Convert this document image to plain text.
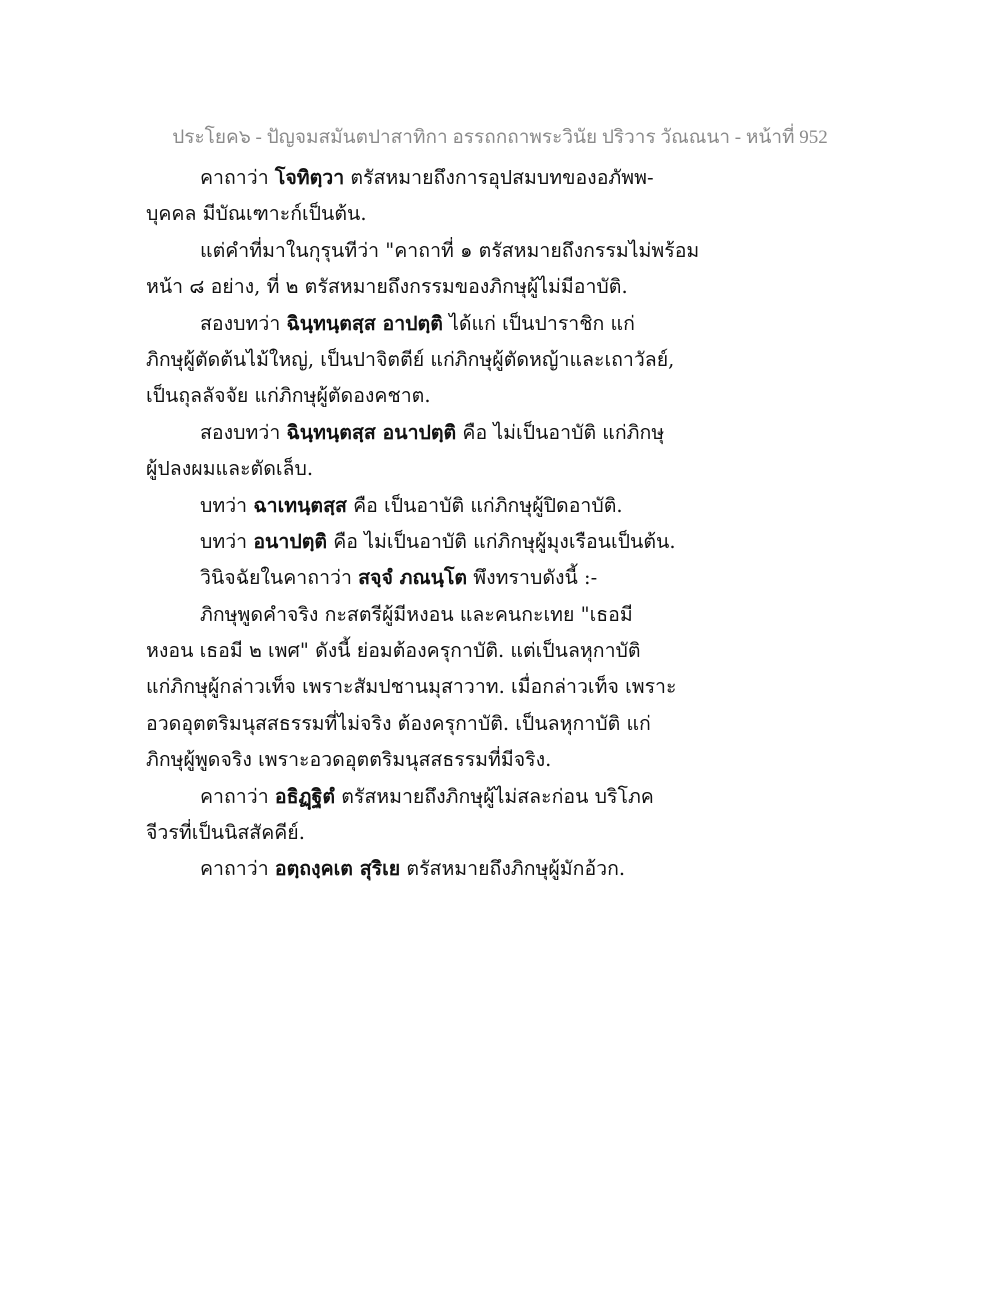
ประโยค๖ - ปัญจมสมันตปาสาทิกา อรรถกถาพระวินัย ปริวาร วัณณนา - หน้าที่ 952
คาถาว่า โจทิตฺวา ตรัสหมายถึงการอุปสมบทของอภัพพ-
บุคคล มีบัณเฑาะก์เป็นต้น.
แต่คำที่มาในกุรุนทีว่า "คาถาที่ ๑ ตรัสหมายถึงกรรมไม่พร้อม
หน้า ๘ อย่าง, ที่ ๒ ตรัสหมายถึงกรรมของภิกษุผู้ไม่มีอาบัติ.
สองบทว่า ฉินฺทนฺตสฺส อาปตฺติ ได้แก่ เป็นปาราชิก แก่
ภิกษุผู้ตัดต้นไม้ใหญ่, เป็นปาจิตตีย์ แก่ภิกษุผู้ตัดหญ้าและเถาวัลย์,
เป็นถุลลัจจัย แก่ภิกษุผู้ตัดองคชาต.
สองบทว่า ฉินฺทนฺตสฺส อนาปตฺติ คือ ไม่เป็นอาบัติ แก่ภิกษุ
ผู้ปลงผมและตัดเล็บ.
บทว่า ฉาเทนฺตสฺส คือ เป็นอาบัติ แก่ภิกษุผู้ปิดอาบัติ.
บทว่า อนาปตฺติ คือ ไม่เป็นอาบัติ แก่ภิกษุผู้มุงเรือนเป็นต้น.
วินิจฉัยในคาถาว่า สจฺจํ ภณนฺโต พึงทราบดังนี้ :-
ภิกษุพูดคำจริง กะสตรีผู้มีหงอน และคนกะเทย "เธอมี
หงอน เธอมี ๒ เพศ" ดังนี้ ย่อมต้องครุกาบัติ. แต่เป็นลหุกาบัติ
แก่ภิกษุผู้กล่าวเท็จ เพราะสัมปชานมุสาวาท. เมื่อกล่าวเท็จ เพราะ
อวดอุตตริมนุสสธรรมที่ไม่จริง ต้องครุกาบัติ. เป็นลหุกาบัติ แก่
ภิกษุผู้พูดจริง เพราะอวดอุตตริมนุสสธรรมที่มีจริง.
คาถาว่า อธิฏฺฐิตํ ตรัสหมายถึงภิกษุผู้ไม่สละก่อน บริโภค
จีวรที่เป็นนิสสัคคีย์.
คาถาว่า อตฺถงฺคเต สุริเย ตรัสหมายถึงภิกษุผู้มักอ้วก.
